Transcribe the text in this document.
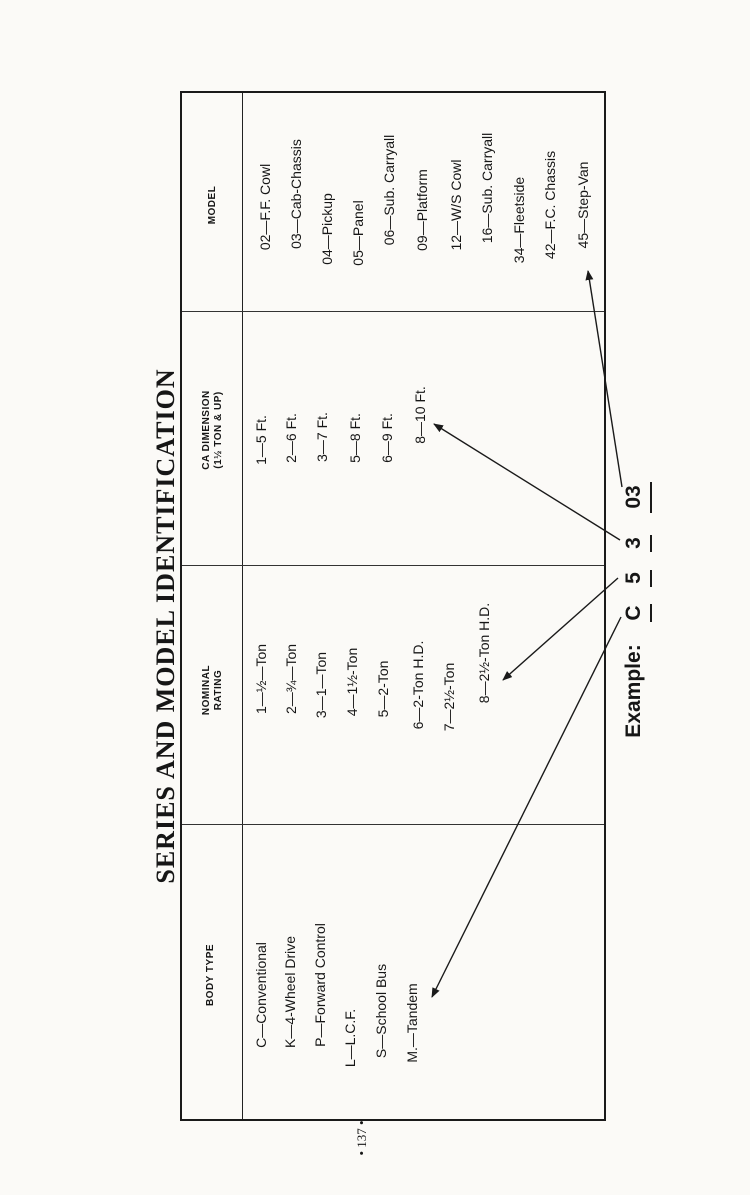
SERIES AND MODEL IDENTIFICATION
BODY TYPE
NOMINAL RATING
CA DIMENSION (1½ TON & UP)
MODEL
C—Conventional K—4-Wheel Drive P—Forward Control L—L.C.F. S—School Bus M.—Tandem
1—½—Ton 2—¾—Ton 3—1—Ton 4—1½-Ton 5—2-Ton 6—2-Ton H.D. 7—2½-Ton 8—2½-Ton H.D.
1—5 Ft. 2—6 Ft. 3—7 Ft. 5—8 Ft. 6—9 Ft. 8—10 Ft.
02—F.F. Cowl 03—Cab-Chassis 04—Pickup 05—Panel 06—Sub. Carryall 09—Platform 12—W/S Cowl 16—Sub. Carryall 34—Fleetside 42—F.C. Chassis 45—Step-Van
Example:
C
5
3
03
• 137 •
